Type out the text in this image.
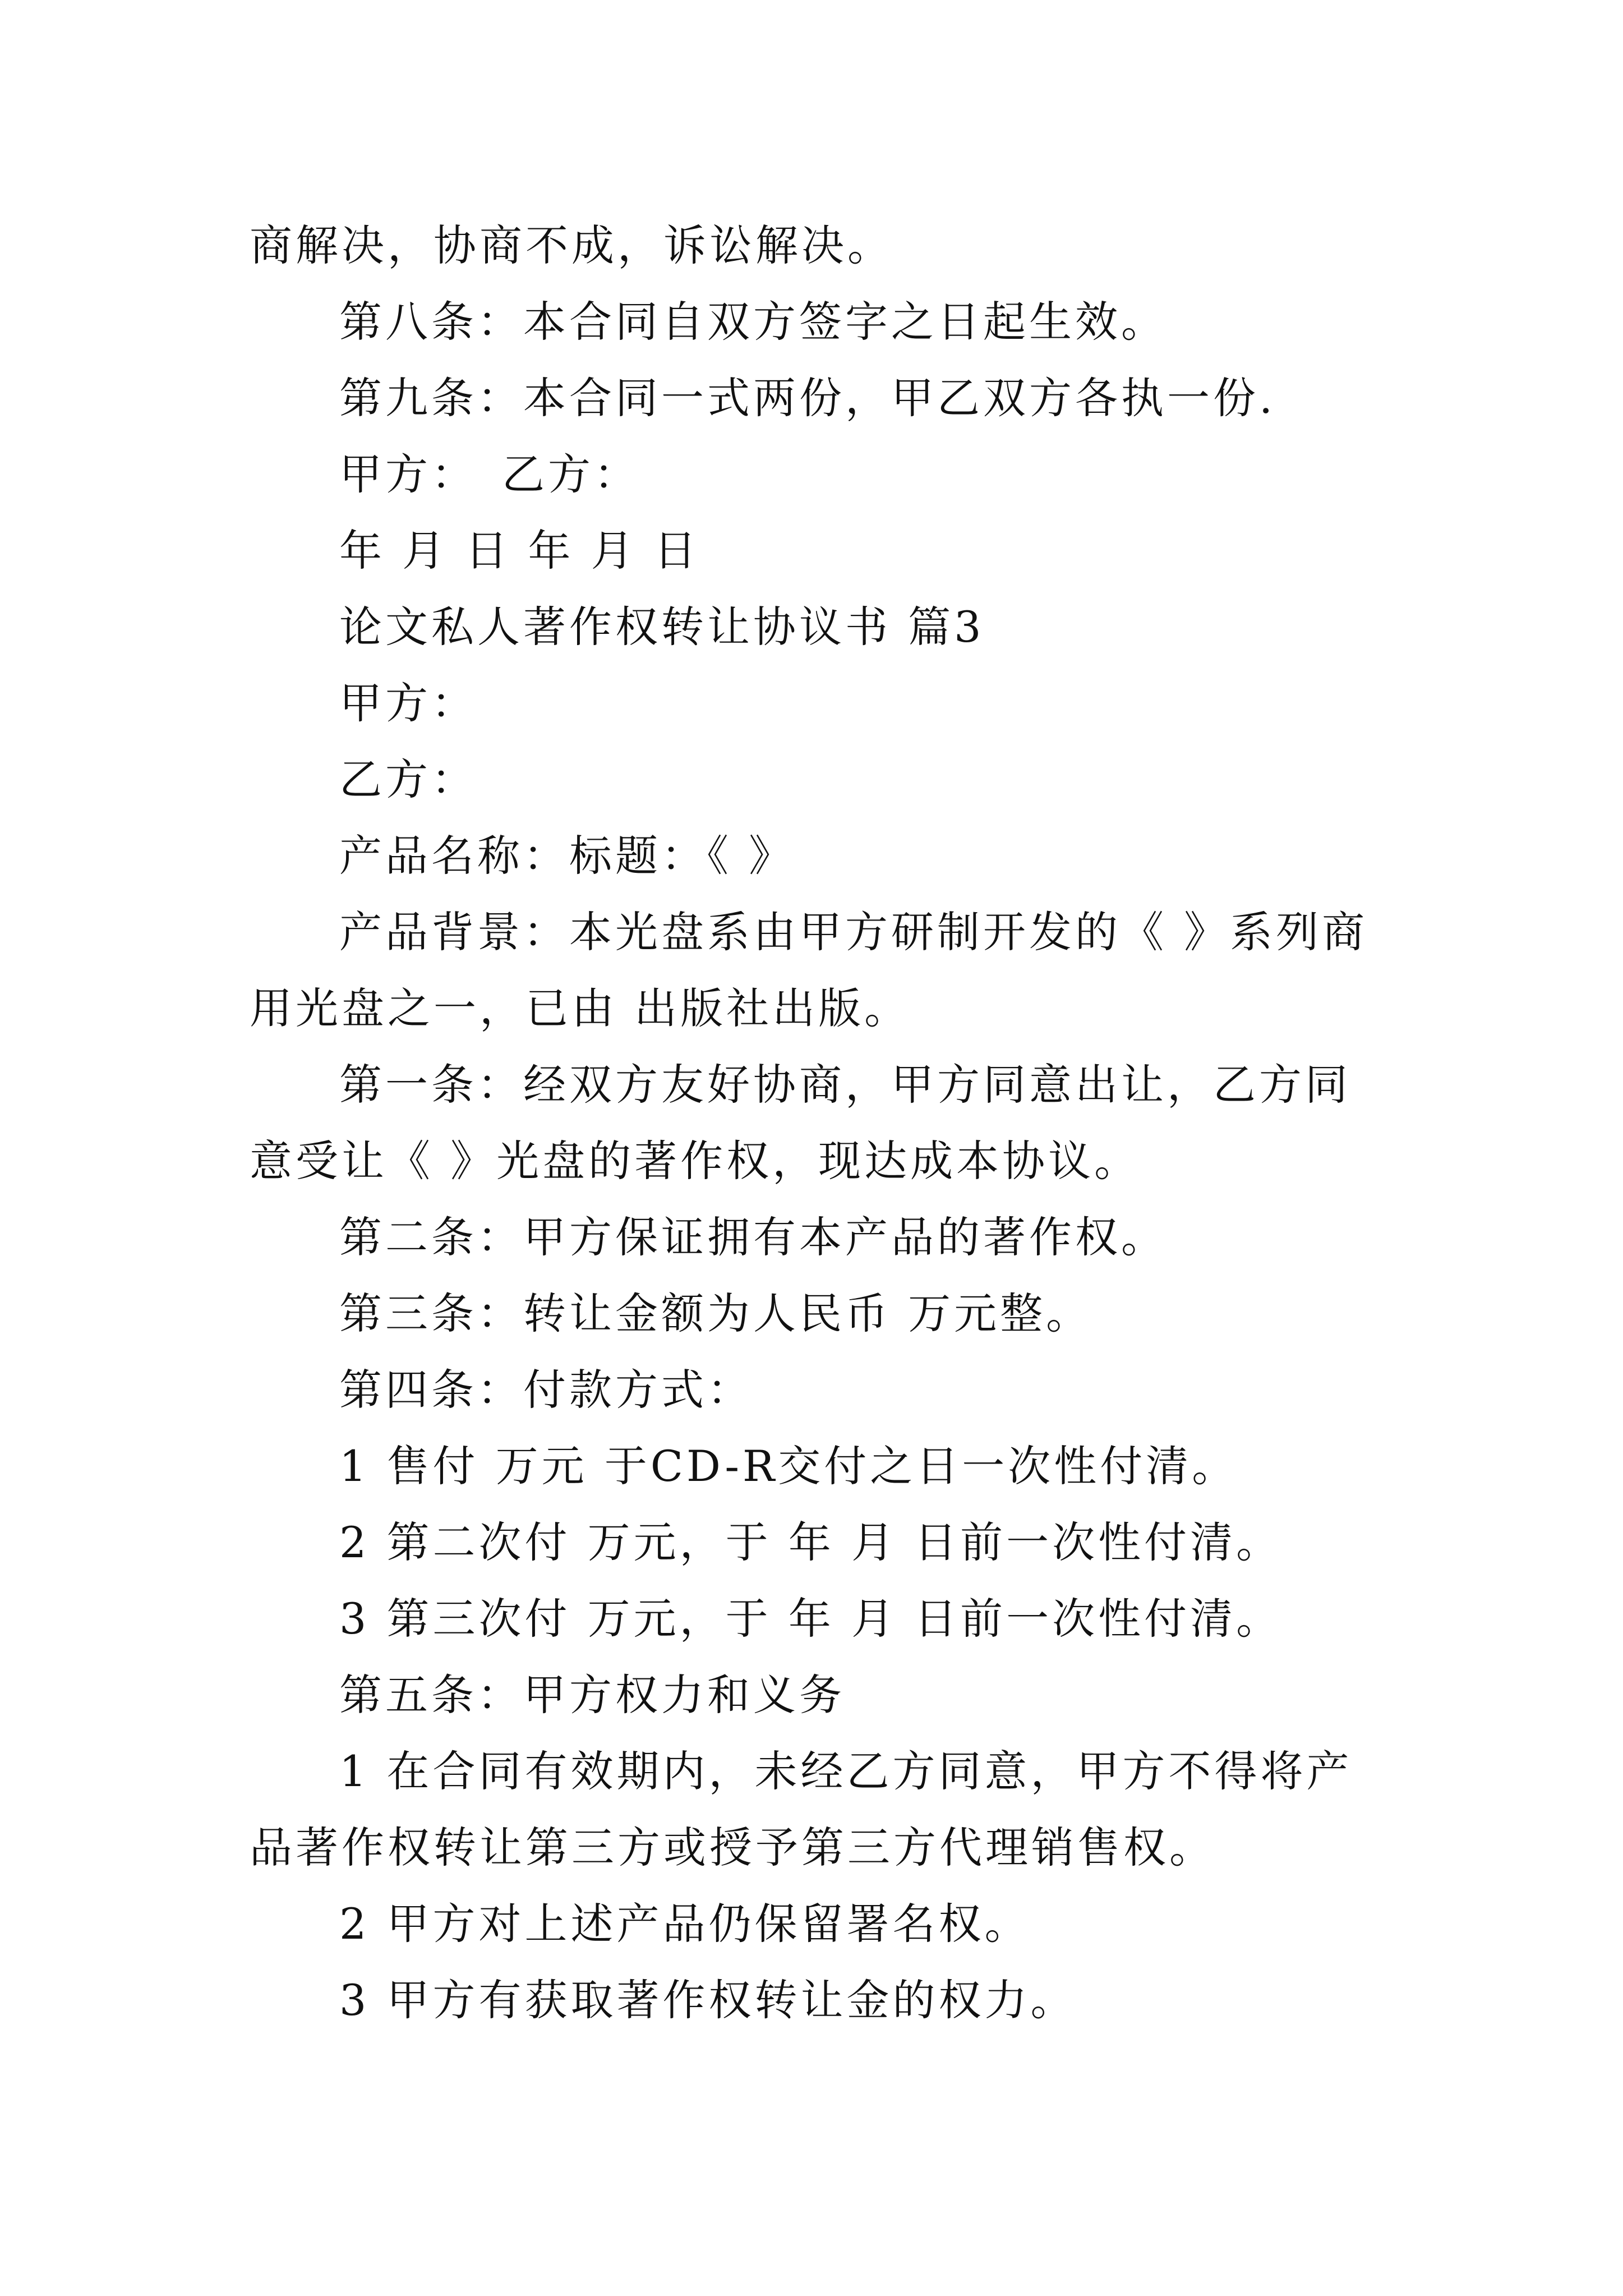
商解决，协商不成，诉讼解决。

第八条：本合同自双方签字之日起生效。

第九条：本合同一式两份，甲乙双方各执一份.

甲方：　乙方：

年 月 日 年 月 日

论文私人著作权转让协议书 篇3

甲方：

乙方：

产品名称：标题：《 》

产品背景：本光盘系由甲方研制开发的《 》系列商用光盘之一，已由 出版社出版。

第一条：经双方友好协商，甲方同意出让，乙方同意受让《 》光盘的著作权，现达成本协议。

第二条：甲方保证拥有本产品的著作权。

第三条：转让金额为人民币 万元整。

第四条：付款方式：

1 售付 万元 于CD-R交付之日一次性付清。

2 第二次付 万元，于 年 月 日前一次性付清。

3 第三次付 万元，于 年 月 日前一次性付清。

第五条：甲方权力和义务

1 在合同有效期内，未经乙方同意，甲方不得将产品著作权转让第三方或授予第三方代理销售权。

2 甲方对上述产品仍保留署名权。

3 甲方有获取著作权转让金的权力。
